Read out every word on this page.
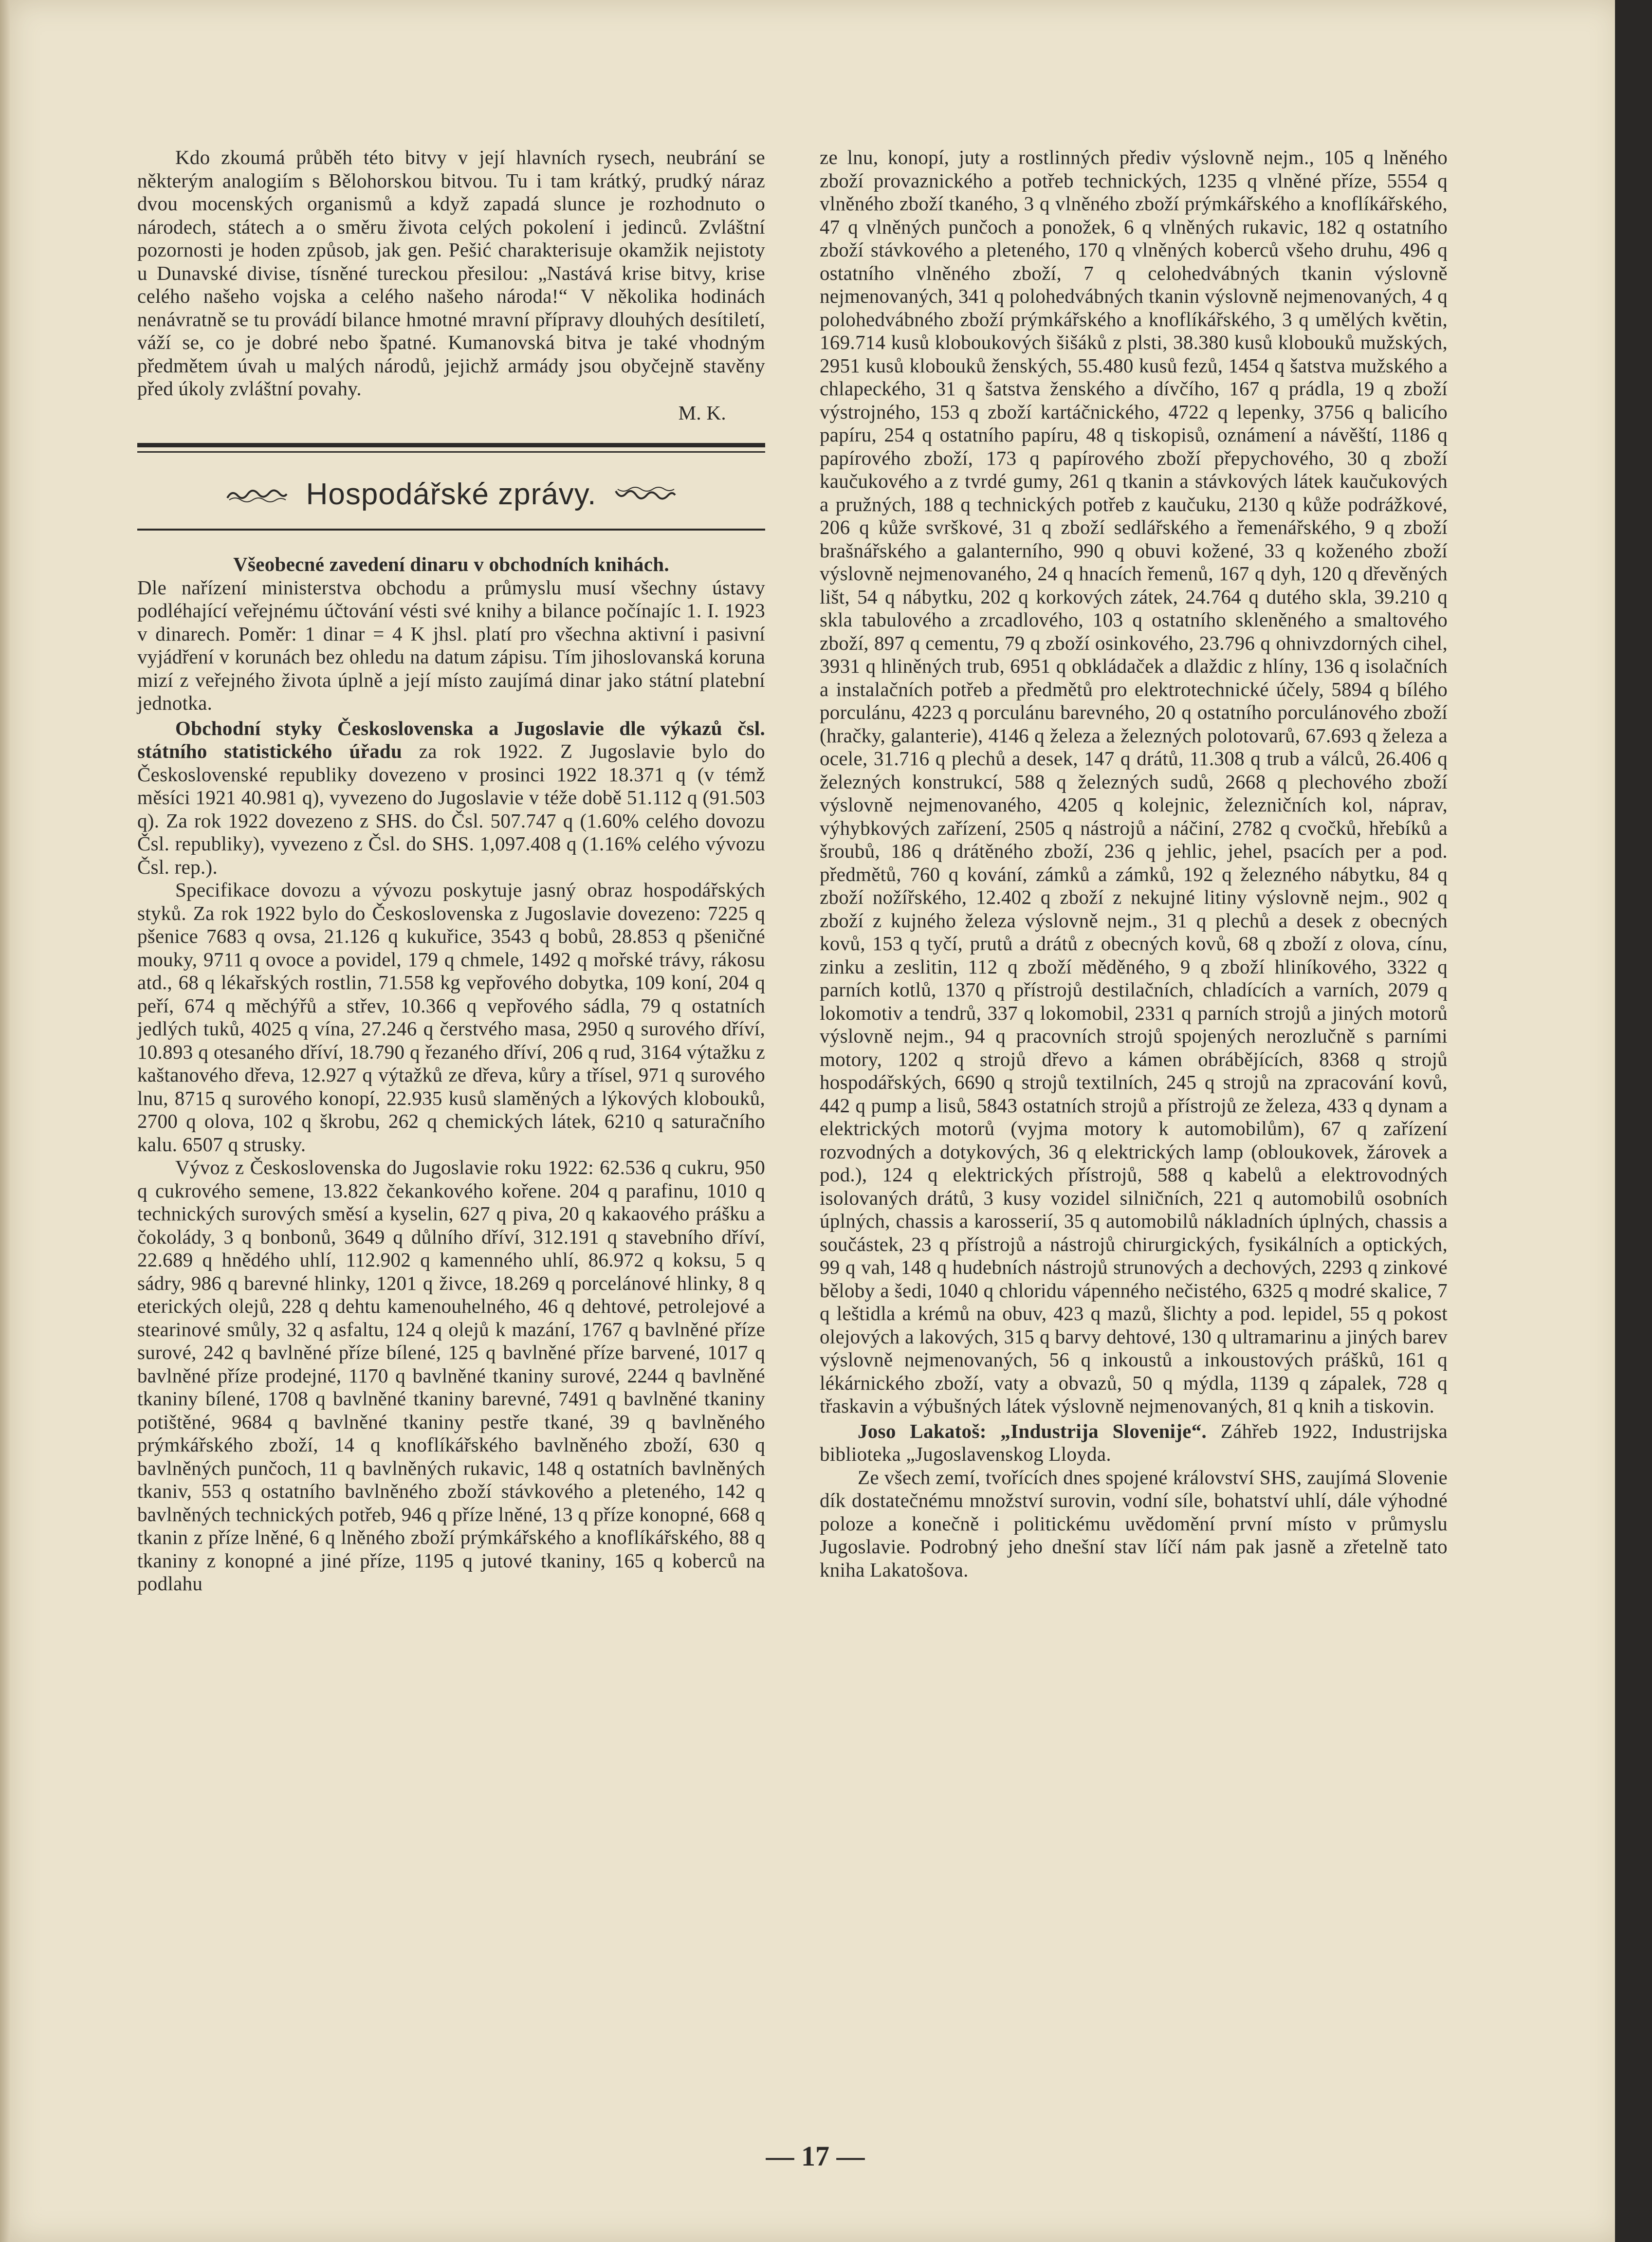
Kdo zkoumá průběh této bitvy v její hlavních rysech, neubrání se některým analogiím s Bělohorskou bitvou. Tu i tam krátký, prudký náraz dvou mocenských organismů a když zapadá slunce je rozhodnuto o národech, státech a o směru života celých pokolení i jedinců. Zvláštní pozornosti je hoden způsob, jak gen. Pešić charakterisuje okamžik nejistoty u Dunavské divise, tísněné tureckou přesilou: „Nastává krise bitvy, krise celého našeho vojska a celého našeho národa!“ V několika hodinách nenávratně se tu provádí bilance hmotné mravní přípravy dlouhých desítiletí, váží se, co je dobré nebo špatné. Kumanovská bitva je také vhodným předmětem úvah u malých národů, jejichž armády jsou obyčejně stavěny před úkoly zvláštní povahy.

M. K.

Hospodářské zprávy.

Všeobecné zavedení dinaru v obchodních knihách.

Dle nařízení ministerstva obchodu a průmyslu musí všechny ústavy podléhající veřejnému účtování vésti své knihy a bilance počínajíc 1. I. 1923 v dinarech. Poměr: 1 dinar = 4 K jhsl. platí pro všechna aktivní i pasivní vyjádření v korunách bez ohledu na datum zápisu. Tím jihoslovanská koruna mizí z veřejného života úplně a její místo zaujímá dinar jako státní platební jednotka.

Obchodní styky Československa a Jugoslavie dle výkazů čsl. státního statistického úřadu za rok 1922. Z Jugoslavie bylo do Československé republiky dovezeno v prosinci 1922 18.371 q (v témž měsíci 1921 40.981 q), vyvezeno do Jugoslavie v téže době 51.112 q (91.503 q). Za rok 1922 dovezeno z SHS. do Čsl. 507.747 q (1.60% celého dovozu Čsl. republiky), vyvezeno z Čsl. do SHS. 1,097.408 q (1.16% celého vývozu Čsl. rep.).

Specifikace dovozu a vývozu poskytuje jasný obraz hospodářských styků. Za rok 1922 bylo do Československa z Jugoslavie dovezeno: 7225 q pšenice 7683 q ovsa, 21.126 q kukuřice, 3543 q bobů, 28.853 q pšeničné mouky, 9711 q ovoce a povidel, 179 q chmele, 1492 q mořské trávy, rákosu atd., 68 q lékařských rostlin, 71.558 kg vepřového dobytka, 109 koní, 204 q peří, 674 q měchýřů a střev, 10.366 q vepřového sádla, 79 q ostatních jedlých tuků, 4025 q vína, 27.246 q čerstvého masa, 2950 q surového dříví, 10.893 q otesaného dříví, 18.790 q řezaného dříví, 206 q rud, 3164 výtažku z kaštanového dřeva, 12.927 q výtažků ze dřeva, kůry a třísel, 971 q surového lnu, 8715 q surového konopí, 22.935 kusů slaměných a lýkových klobouků, 2700 q olova, 102 q škrobu, 262 q chemických látek, 6210 q saturačního kalu. 6507 q strusky.

Vývoz z Československa do Jugoslavie roku 1922: 62.536 q cukru, 950 q cukrového semene, 13.822 čekankového kořene. 204 q parafinu, 1010 q technických surových směsí a kyselin, 627 q piva, 20 q kakaového prášku a čokolády, 3 q bonbonů, 3649 q důlního dříví, 312.191 q stavebního dříví, 22.689 q hnědého uhlí, 112.902 q kamenného uhlí, 86.972 q koksu, 5 q sádry, 986 q barevné hlinky, 1201 q živce, 18.269 q porcelánové hlinky, 8 q eterických olejů, 228 q dehtu kamenouhelného, 46 q dehtové, petrolejové a stearinové smůly, 32 q asfaltu, 124 q olejů k mazání, 1767 q bavlněné příze surové, 242 q bavlněné příze bílené, 125 q bavlněné příze barvené, 1017 q bavlněné příze prodejné, 1170 q bavlněné tkaniny surové, 2244 q bavlněné tkaniny bílené, 1708 q bavlněné tkaniny barevné, 7491 q bavlněné tkaniny potištěné, 9684 q bavlněné tkaniny pestře tkané, 39 q bavlněného prýmkářského zboží, 14 q knoflíkářského bavlněného zboží, 630 q bavlněných punčoch, 11 q bavlněných rukavic, 148 q ostatních bavlněných tkaniv, 553 q ostatního bavlněného zboží stávkového a pleteného, 142 q bavlněných technických potřeb, 946 q příze lněné, 13 q příze konopné, 668 q tkanin z příze lněné, 6 q lněného zboží prýmkářského a knoflíkářského, 88 q tkaniny z konopné a jiné příze, 1195 q jutové tkaniny, 165 q koberců na podlahu

ze lnu, konopí, juty a rostlinných přediv výslovně nejm., 105 q lněného zboží provaznického a potřeb technických, 1235 q vlněné příze, 5554 q vlněného zboží tkaného, 3 q vlněného zboží prýmkářského a knoflíkářského, 47 q vlněných punčoch a ponožek, 6 q vlněných rukavic, 182 q ostatního zboží stávkového a pleteného, 170 q vlněných koberců všeho druhu, 496 q ostatního vlněného zboží, 7 q celohedvábných tkanin výslovně nejmenovaných, 341 q polohedvábných tkanin výslovně nejmenovaných, 4 q polohedvábného zboží prýmkářského a knoflíkářského, 3 q umělých květin, 169.714 kusů kloboukových šišáků z plsti, 38.380 kusů klobouků mužských, 2951 kusů klobouků ženských, 55.480 kusů fezů, 1454 q šatstva mužského a chlapeckého, 31 q šatstva ženského a dívčího, 167 q prádla, 19 q zboží výstrojného, 153 q zboží kartáčnického, 4722 q lepenky, 3756 q balicího papíru, 254 q ostatního papíru, 48 q tiskopisů, oznámení a návěští, 1186 q papírového zboží, 173 q papírového zboží přepychového, 30 q zboží kaučukového a z tvrdé gumy, 261 q tkanin a stávkových látek kaučukových a pružných, 188 q technických potřeb z kaučuku, 2130 q kůže podrážkové, 206 q kůže svrškové, 31 q zboží sedlářského a řemenářského, 9 q zboží brašnářského a galanterního, 990 q obuvi kožené, 33 q koženého zboží výslovně nejmenovaného, 24 q hnacích řemenů, 167 q dyh, 120 q dřevěných lišt, 54 q nábytku, 202 q korkových zátek, 24.764 q dutého skla, 39.210 q skla tabulového a zrcadlového, 103 q ostatního skleněného a smaltového zboží, 897 q cementu, 79 q zboží osinkového, 23.796 q ohnivzdorných cihel, 3931 q hliněných trub, 6951 q obkládaček a dlaždic z hlíny, 136 q isolačních a instalačních potřeb a předmětů pro elektrotechnické účely, 5894 q bílého porculánu, 4223 q porculánu barevného, 20 q ostatního porculánového zboží (hračky, galanterie), 4146 q železa a železných polotovarů, 67.693 q železa a ocele, 31.716 q plechů a desek, 147 q drátů, 11.308 q trub a válců, 26.406 q železných konstrukcí, 588 q železných sudů, 2668 q plechového zboží výslovně nejmenovaného, 4205 q kolejnic, železničních kol, náprav, výhybkových zařízení, 2505 q nástrojů a náčiní, 2782 q cvočků, hřebíků a šroubů, 186 q drátěného zboží, 236 q jehlic, jehel, psacích per a pod. předmětů, 760 q kování, zámků a zámků, 192 q železného nábytku, 84 q zboží nožířského, 12.402 q zboží z nekujné litiny výslovně nejm., 902 q zboží z kujného železa výslovně nejm., 31 q plechů a desek z obecných kovů, 153 q tyčí, prutů a drátů z obecných kovů, 68 q zboží z olova, cínu, zinku a zeslitin, 112 q zboží měděného, 9 q zboží hliníkového, 3322 q parních kotlů, 1370 q přístrojů destilačních, chladících a varních, 2079 q lokomotiv a tendrů, 337 q lokomobil, 2331 q parních strojů a jiných motorů výslovně nejm., 94 q pracovních strojů spojených nerozlučně s parními motory, 1202 q strojů dřevo a kámen obrábějících, 8368 q strojů hospodářských, 6690 q strojů textilních, 245 q strojů na zpracování kovů, 442 q pump a lisů, 5843 ostatních strojů a přístrojů ze železa, 433 q dynam a elektrických motorů (vyjma motory k automobilům), 67 q zařízení rozvodných a dotykových, 36 q elektrických lamp (obloukovek, žárovek a pod.), 124 q elektrických přístrojů, 588 q kabelů a elektrovodných isolovaných drátů, 3 kusy vozidel silničních, 221 q automobilů osobních úplných, chassis a karosserií, 35 q automobilů nákladních úplných, chassis a součástek, 23 q přístrojů a nástrojů chirurgických, fysikálních a optických, 99 q vah, 148 q hudebních nástrojů strunových a dechových, 2293 q zinkové běloby a šedi, 1040 q chloridu vápenného nečistého, 6325 q modré skalice, 7 q leštidla a krémů na obuv, 423 q mazů, šlichty a pod. lepidel, 55 q pokost olejových a lakových, 315 q barvy dehtové, 130 q ultramarinu a jiných barev výslovně nejmenovaných, 56 q inkoustů a inkoustových prášků, 161 q lékárnického zboží, vaty a obvazů, 50 q mýdla, 1139 q zápalek, 728 q třaskavin a výbušných látek výslovně nejmenovaných, 81 q knih a tiskovin.

Joso Lakatoš: „Industrija Slovenije“. Záhřeb 1922, Industrijska biblioteka „Jugoslavenskog Lloyda.

Ze všech zemí, tvořících dnes spojené království SHS, zaujímá Slovenie dík dostatečnému množství surovin, vodní síle, bohatství uhlí, dále výhodné poloze a konečně i politickému uvědomění první místo v průmyslu Jugoslavie. Podrobný jeho dnešní stav líčí nám pak jasně a zřetelně tato kniha Lakatošova.

— 17 —
